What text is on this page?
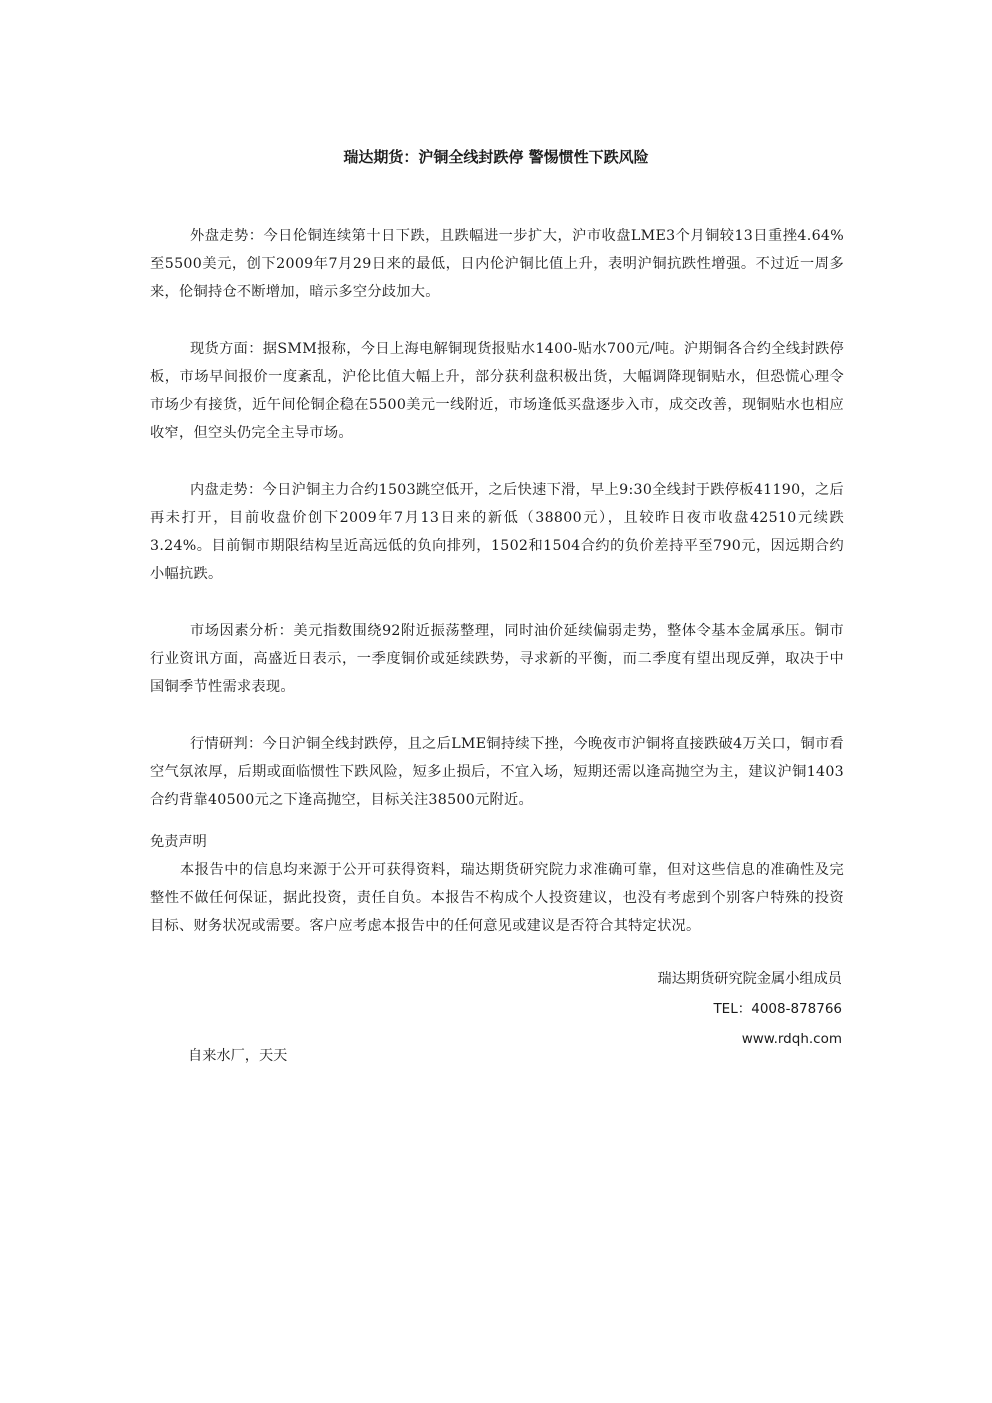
瑞达期货：沪铜全线封跌停 警惕惯性下跌风险

外盘走势：今日伦铜连续第十日下跌，且跌幅进一步扩大，沪市收盘LME3个月铜较13日重挫4.64%至5500美元，创下2009年7月29日来的最低，日内伦沪铜比值上升，表明沪铜抗跌性增强。不过近一周多来，伦铜持仓不断增加，暗示多空分歧加大。

现货方面：据SMM报称，今日上海电解铜现货报贴水1400-贴水700元/吨。沪期铜各合约全线封跌停板，市场早间报价一度紊乱，沪伦比值大幅上升，部分获利盘积极出货，大幅调降现铜贴水，但恐慌心理令市场少有接货，近午间伦铜企稳在5500美元一线附近，市场逢低买盘逐步入市，成交改善，现铜贴水也相应收窄，但空头仍完全主导市场。

内盘走势：今日沪铜主力合约1503跳空低开，之后快速下滑，早上9:30全线封于跌停板41190，之后再未打开，目前收盘价创下2009年7月13日来的新低（38800元），且较昨日夜市收盘42510元续跌3.24%。目前铜市期限结构呈近高远低的负向排列，1502和1504合约的负价差持平至790元，因远期合约小幅抗跌。

市场因素分析：美元指数围绕92附近振荡整理，同时油价延续偏弱走势，整体令基本金属承压。铜市行业资讯方面，高盛近日表示，一季度铜价或延续跌势，寻求新的平衡，而二季度有望出现反弹，取决于中国铜季节性需求表现。

行情研判：今日沪铜全线封跌停，且之后LME铜持续下挫，今晚夜市沪铜将直接跌破4万关口，铜市看空气氛浓厚，后期或面临惯性下跌风险，短多止损后，不宜入场，短期还需以逢高抛空为主，建议沪铜1403合约背靠40500元之下逢高抛空，目标关注38500元附近。

免责声明

本报告中的信息均来源于公开可获得资料，瑞达期货研究院力求准确可靠，但对这些信息的准确性及完整性不做任何保证，据此投资，责任自负。本报告不构成个人投资建议，也没有考虑到个别客户特殊的投资目标、财务状况或需要。客户应考虑本报告中的任何意见或建议是否符合其特定状况。

瑞达期货研究院金属小组成员
TEL：4008-878766
www.rdqh.com

自来水厂，天天
